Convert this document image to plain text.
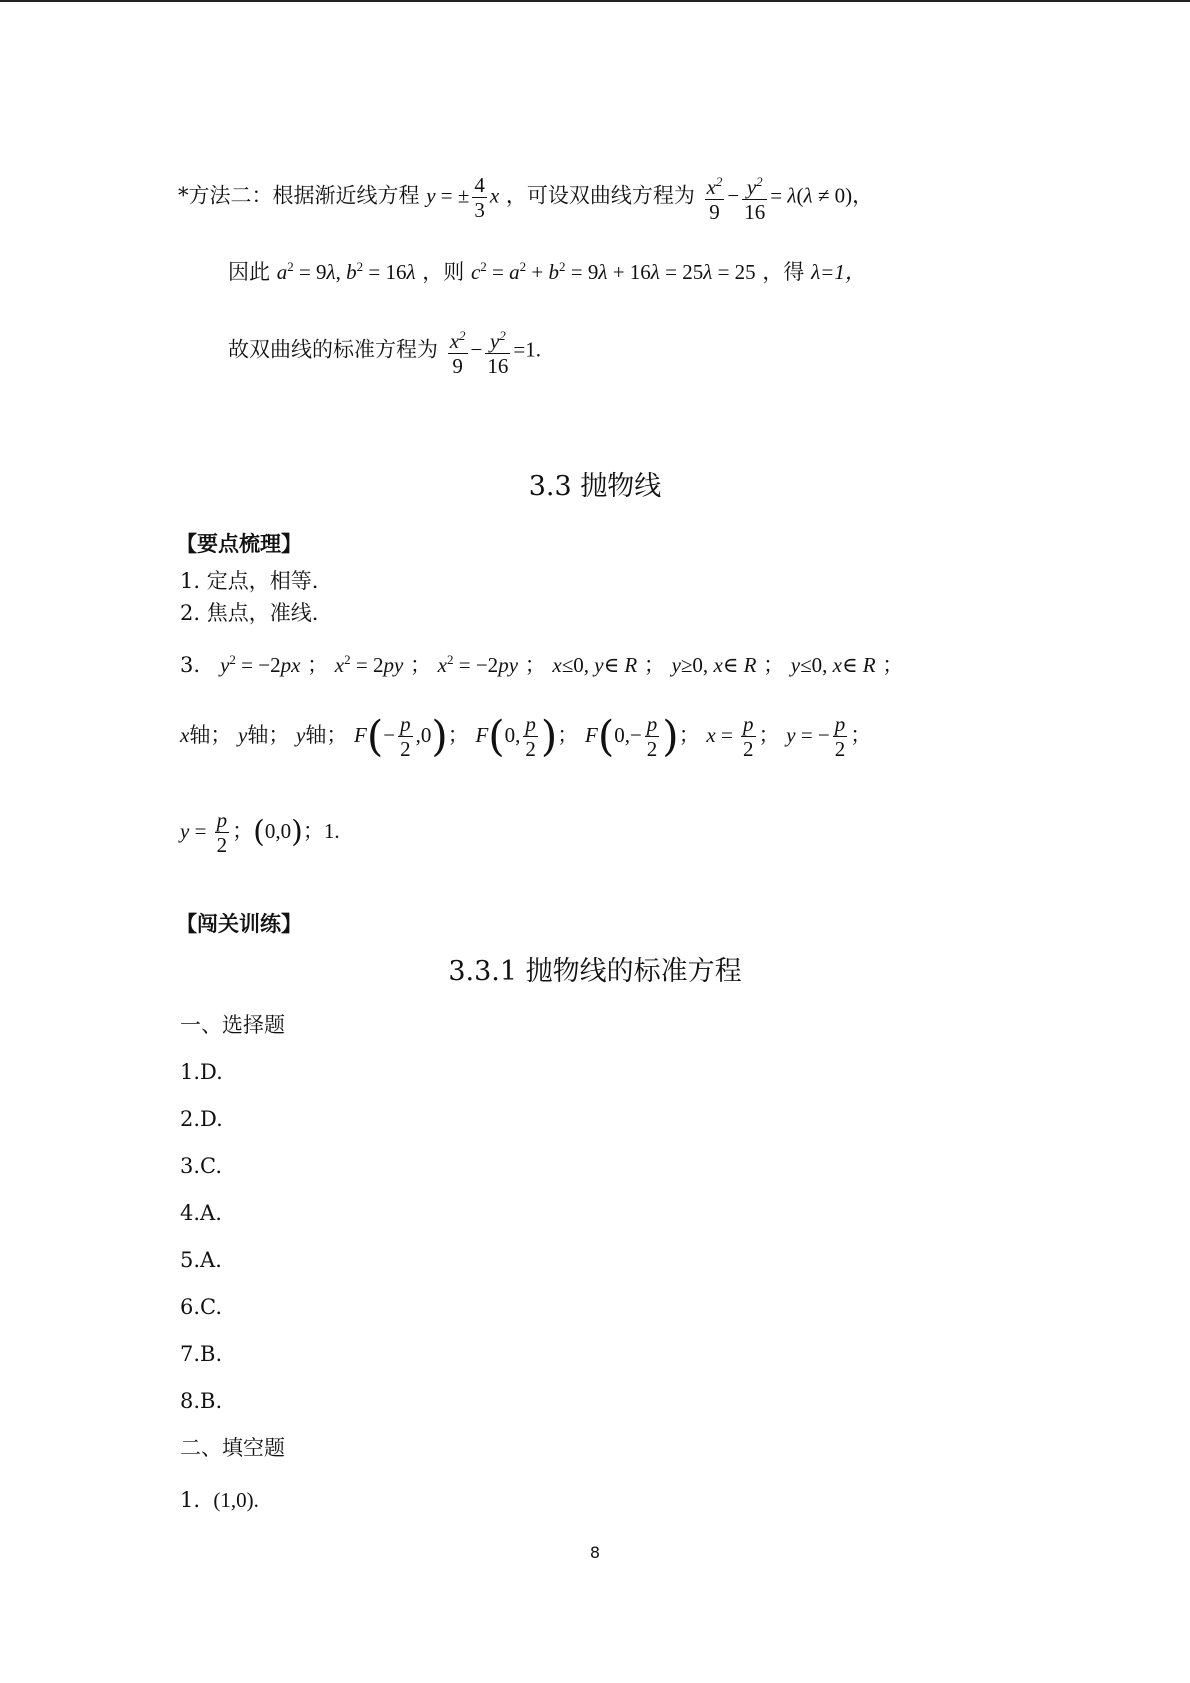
*方法二：根据渐近线方程 y = ± $\frac{4}{3}$ x ，可设双曲线方程为 $\frac{x^2}{9} - \frac{y^2}{16} = \lambda(\lambda \ne 0)$，
因此 $a^2 = 9\lambda$, $b^2 = 16\lambda$ ，则 $c^2 = a^2 + b^2 = 9\lambda + 16\lambda = 25\lambda = 25$ ，得 λ=1，
故双曲线的标准方程为 $\frac{x^2}{9} - \frac{y^2}{16} =1$.
3.3 抛物线
【要点梳理】
1. 定点，相等.
2. 焦点，准线.
3. $y^2 = -2px$ ； $x^2 = 2py$ ； $x^2 = -2py$ ； x≤0, y∈ R ； y≥0, x∈ R ； y≤0, x∈ R ；
x轴； y轴； y轴； $F(- \frac{p}{2} ,0)$； F(0, $\frac{p}{2}$ )； $F(0,- \frac{p}{2}$ )； $x = \frac{p}{2}$ ； y = − $\frac{p}{2}$ ；
$y = \frac{p}{2}$ ；(0,0)；1.
【闯关训练】
3.3.1 抛物线的标准方程
一、选择题
1.D.
2.D.
3.C.
4.A.
5.A.
6.C.
7.B.
8.B.
二、填空题
1. (1,0).
8
